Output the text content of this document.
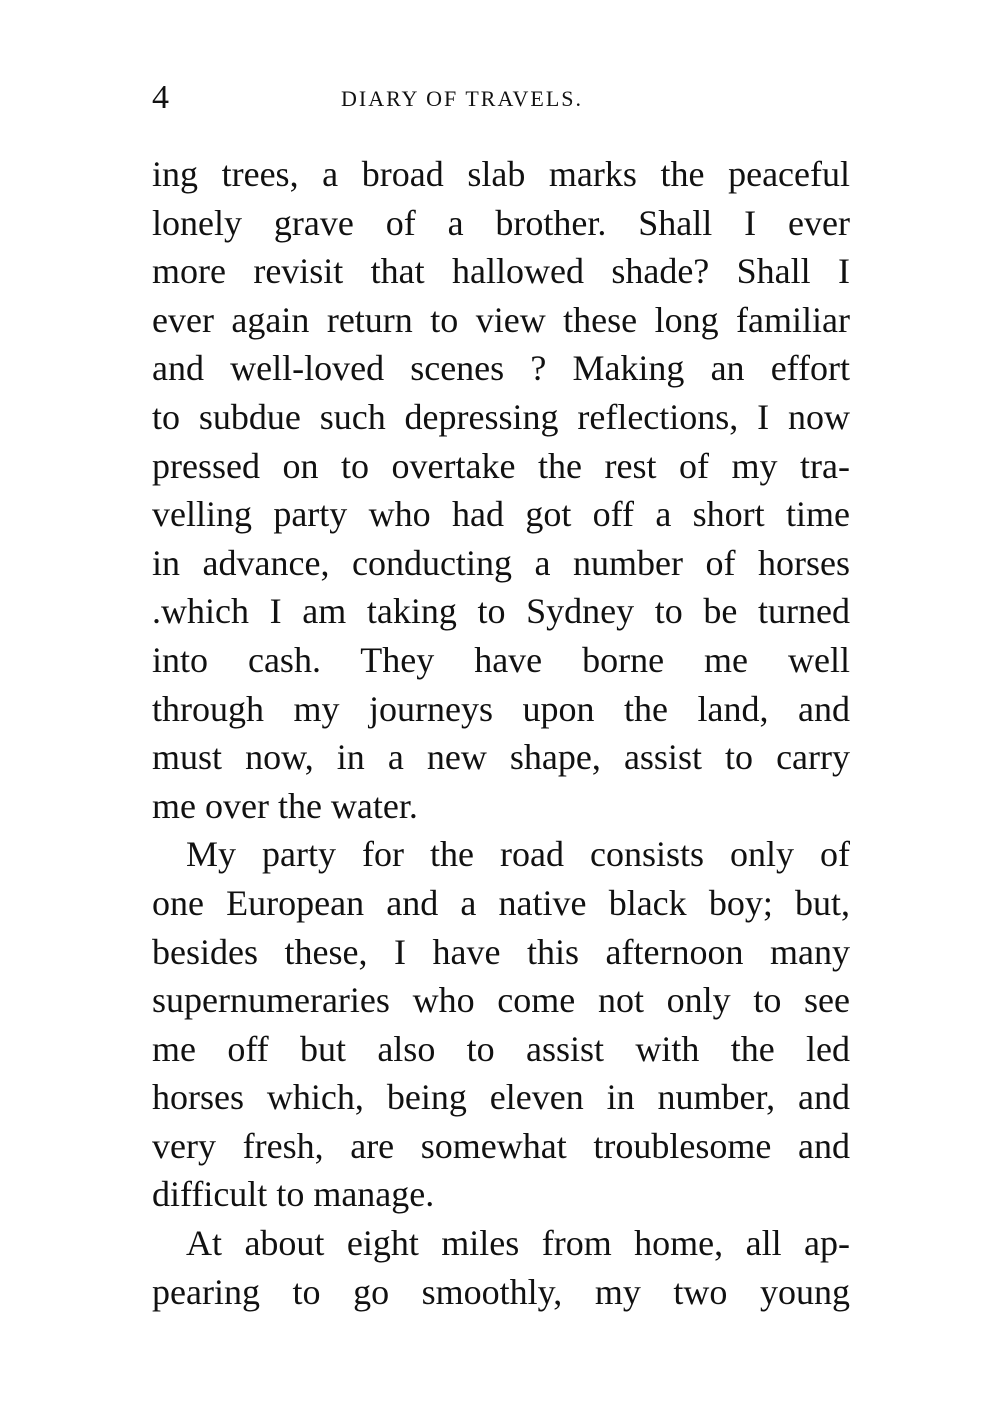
4	DIARY OF TRAVELS.
ing trees, a broad slab marks the peaceful
lonely grave of a brother. Shall I ever
more revisit that hallowed shade? Shall I
ever again return to view these long familiar
and well-loved scenes ? Making an effort
to subdue such depressing reflections, I now
pressed on to overtake the rest of my tra-
velling party who had got off a short time
in advance, conducting a number of horses
.which I am taking to Sydney to be turned
into cash. They have borne me well
through my journeys upon the land, and
must now, in a new shape, assist to carry
me over the water.
My party for the road consists only of
one European and a native black boy; but,
besides these, I have this afternoon many
supernumeraries who come not only to see
me off but also to assist with the led
horses which, being eleven in number, and
very fresh, are somewhat troublesome and
difficult to manage.
At about eight miles from home, all ap-
pearing to go smoothly, my two young
